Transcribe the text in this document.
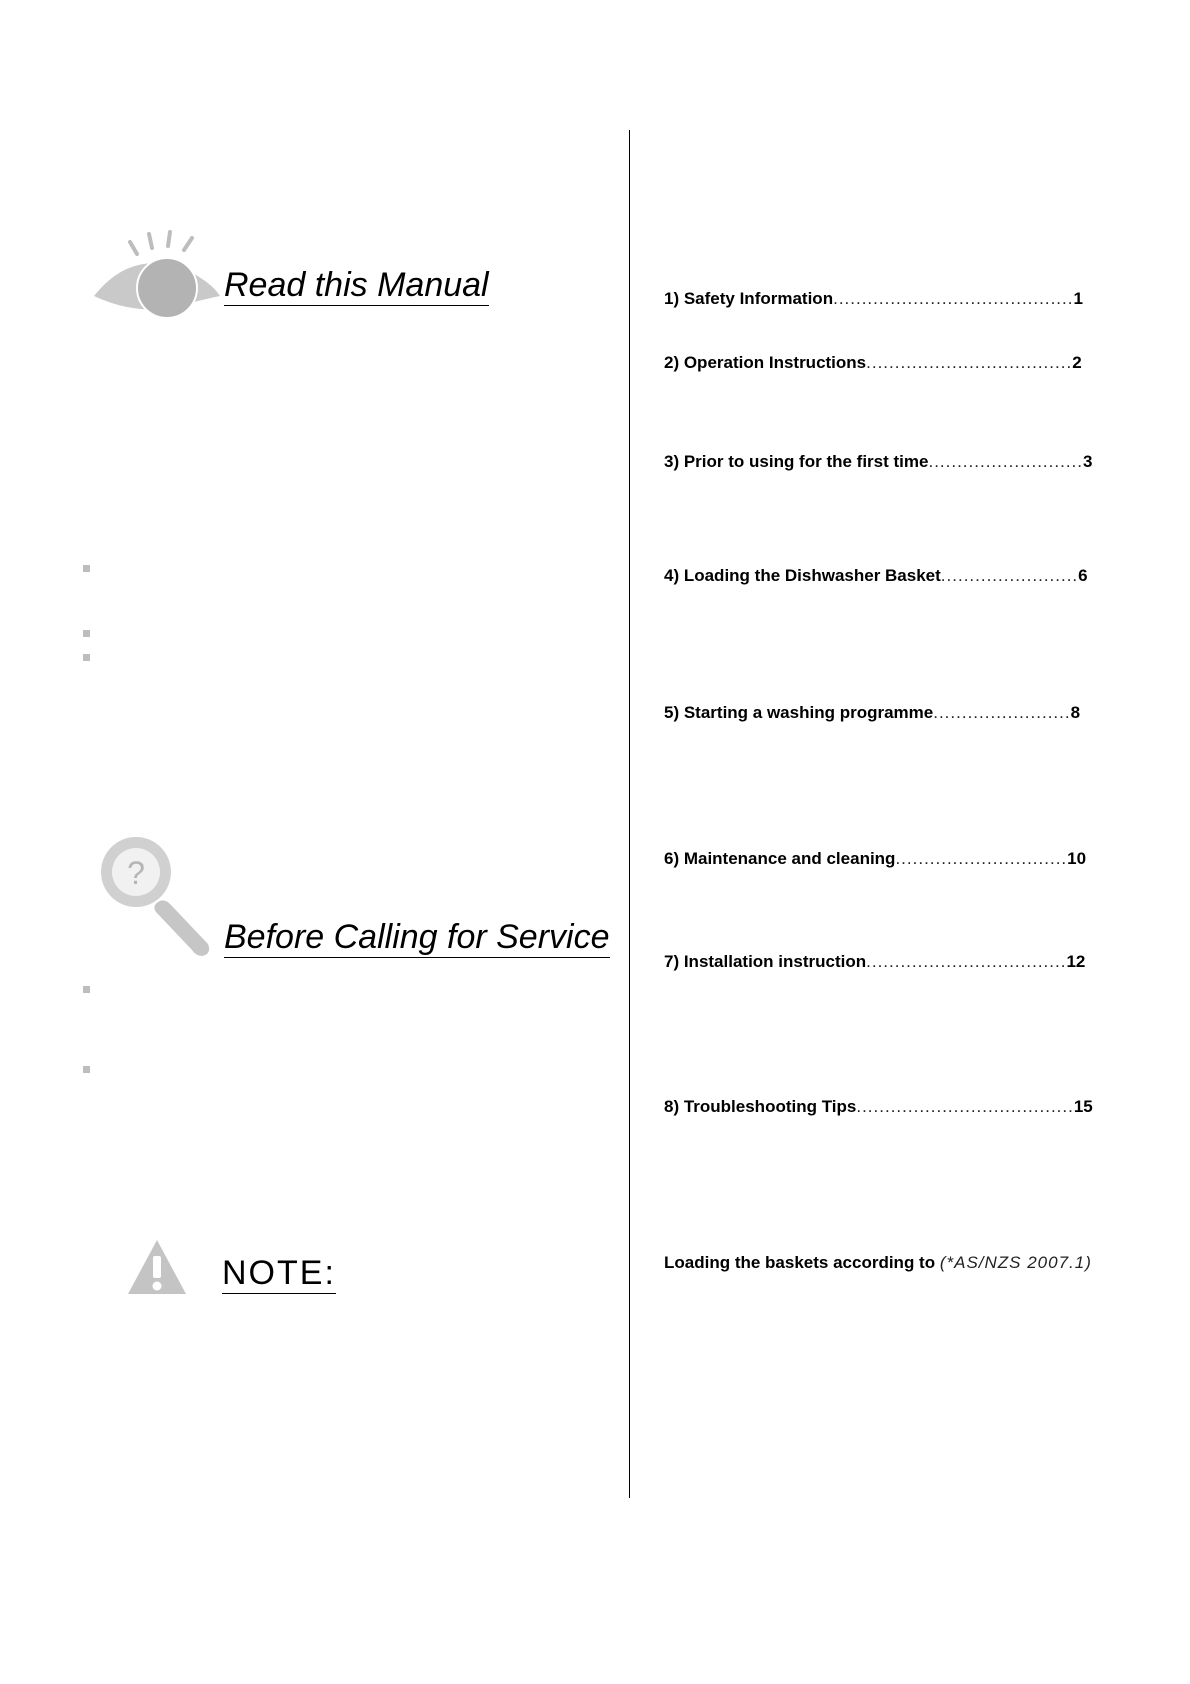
Read this Manual
?
Before Calling for Service
NOTE:
1) Safety Information .......................................... 1
2) Operation Instructions .................................... 2
3) Prior to using for the first time ........................... 3
4) Loading the Dishwasher Basket ........................ 6
5) Starting a washing programme ........................ 8
6) Maintenance and cleaning .............................. 10
7) Installation instruction ................................... 12
8) Troubleshooting Tips ...................................... 15
Loading the baskets according to (*AS/NZS 2007.1)
